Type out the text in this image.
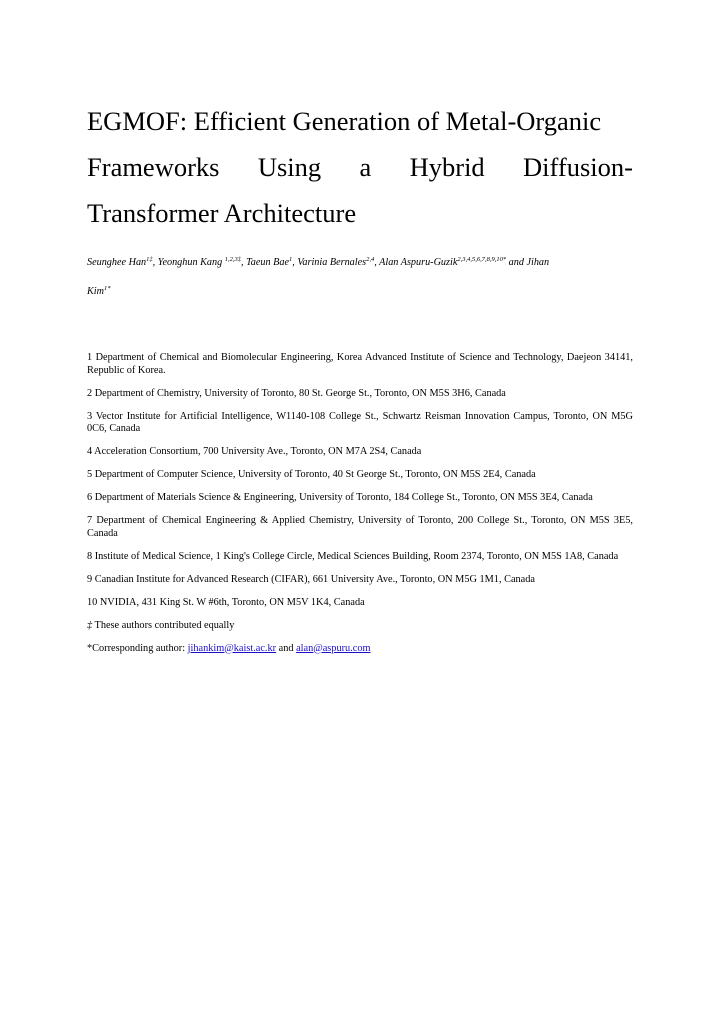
EGMOF: Efficient Generation of Metal-Organic
Frameworks Using a Hybrid Diffusion-
Transformer Architecture
Seunghee Han$^{1\ddagger}$, Yeonghun Kang $^{1,2,3\ddagger}$, Taeun Bae$^1$, Varinia Bernales$^{2,4}$, Alan Aspuru-Guzik$^{2,3,4,5,6,7,8,9,10*}$ and Jihan
Kim$^{1*}$

1 Department of Chemical and Biomolecular Engineering, Korea Advanced Institute of Science and Technology, Daejeon 34141, Republic of Korea.

2 Department of Chemistry, University of Toronto, 80 St. George St., Toronto, ON M5S 3H6, Canada

3 Vector Institute for Artificial Intelligence, W1140-108 College St., Schwartz Reisman Innovation Campus, Toronto, ON M5G 0C6, Canada

4 Acceleration Consortium, 700 University Ave., Toronto, ON M7A 2S4, Canada

5 Department of Computer Science, University of Toronto, 40 St George St., Toronto, ON M5S 2E4, Canada

6 Department of Materials Science & Engineering, University of Toronto, 184 College St., Toronto, ON M5S 3E4, Canada

7 Department of Chemical Engineering & Applied Chemistry, University of Toronto, 200 College St., Toronto, ON M5S 3E5, Canada

8 Institute of Medical Science, 1 King's College Circle, Medical Sciences Building, Room 2374, Toronto, ON M5S 1A8, Canada

9 Canadian Institute for Advanced Research (CIFAR), 661 University Ave., Toronto, ON M5G 1M1, Canada

10 NVIDIA, 431 King St. W #6th, Toronto, ON M5V 1K4, Canada

‡ These authors contributed equally

*Corresponding author: jihankim@kaist.ac.kr and alan@aspuru.com
